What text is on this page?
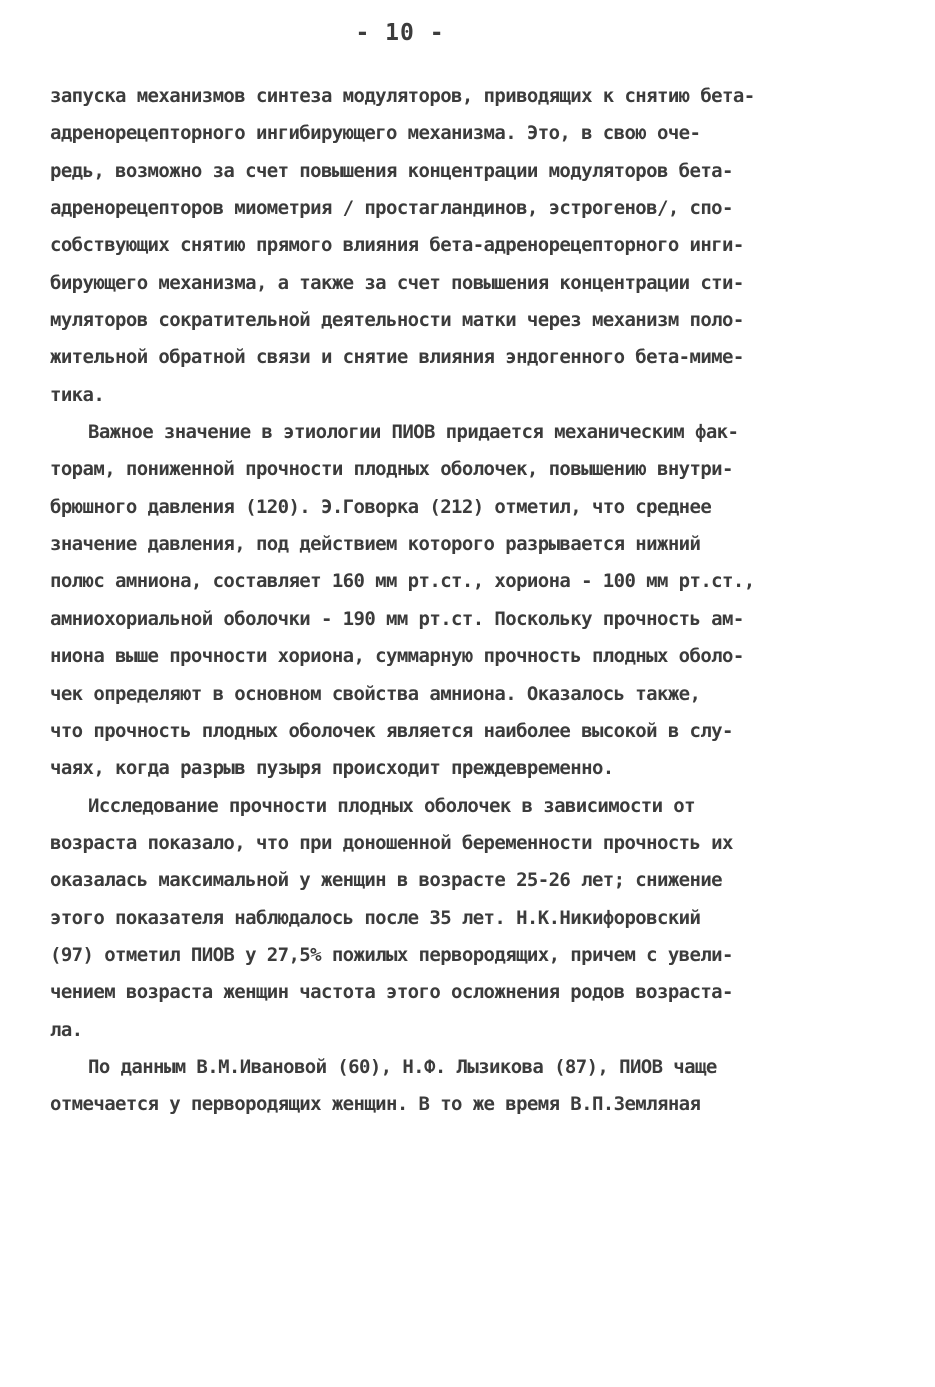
- 10 -
запуска механизмов синтеза модуляторов, приводящих к снятию бета-
адренорецепторного ингибирующего механизма. Это, в свою оче-
редь, возможно за счет повышения концентрации модуляторов бета-
адренорецепторов миометрия / простагландинов, эстрогенов/, спо-
собствующих снятию прямого влияния бета-адренорецепторного инги-
бирующего механизма, а также за счет повышения концентрации сти-
муляторов сократительной деятельности матки через механизм поло-
жительной обратной связи и снятие влияния эндогенного бета-миме-
тика.
Важное значение в этиологии ПИОВ придается механическим фак-
торам, пониженной прочности плодных оболочек, повышению внутри-
брюшного давления (120). Э.Говорка (212) отметил, что среднее
значение давления, под действием которого разрывается нижний
полюс амниона, составляет 160 мм рт.ст., хориона - 100 мм рт.ст.,
амниохориальной оболочки - 190 мм рт.ст. Поскольку прочность ам-
ниона выше прочности хориона, суммарную прочность плодных оболо-
чек определяют в основном свойства амниона. Оказалось также,
что прочность плодных оболочек является наиболее высокой в слу-
чаях, когда разрыв пузыря происходит преждевременно.
Исследование прочности плодных оболочек в зависимости от
возраста показало, что при доношенной беременности прочность их
оказалась максимальной у женщин в возрасте 25-26 лет; снижение
этого показателя наблюдалось после 35 лет. Н.К.Никифоровский
(97) отметил ПИОВ у 27,5% пожилых первородящих, причем с увели-
чением возраста женщин частота этого осложнения родов возраста-
ла.
По данным В.М.Ивановой (60), Н.Ф. Лызикова (87), ПИОВ чаще
отмечается у первородящих женщин. В то же время В.П.Земляная
